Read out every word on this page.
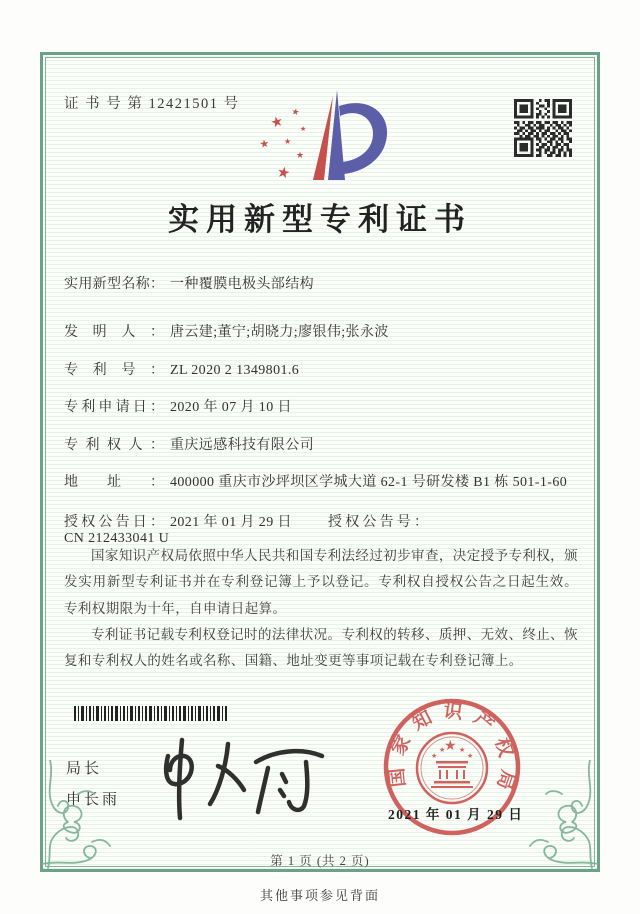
证 书 号 第 12421501 号
★
★
★ ★
★
★
★
实用新型专利证书
实用新型名称： 一种覆膜电极头部结构
发明人： 唐云建;董宁;胡晓力;廖银伟;张永波
专利号： ZL 2020 2 1349801.6
专利申请日： 2020 年 07 月 10 日
专利权人： 重庆远感科技有限公司
地址： 400000 重庆市沙坪坝区学城大道 62-1 号研发楼 B1 栋 501-1-60
授权公告日： 2021 年 01 月 29 日	授权公告号：CN 212433041 U

国家知识产权局依照中华人民共和国专利法经过初步审查，决定授予专利权，颁发实用新型专利证书并在专利登记簿上予以登记。专利权自授权公告之日起生效。专利权期限为十年，自申请日起算。

专利证书记载专利权登记时的法律状况。专利权的转移、质押、无效、终止、恢复和专利权人的姓名或名称、国籍、地址变更等事项记载在专利登记簿上。

局长
申长雨
国家知识产权局
★
★
★ ★
★
2021 年 01 月 29 日
第 1 页 (共 2 页)
其他事项参见背面
